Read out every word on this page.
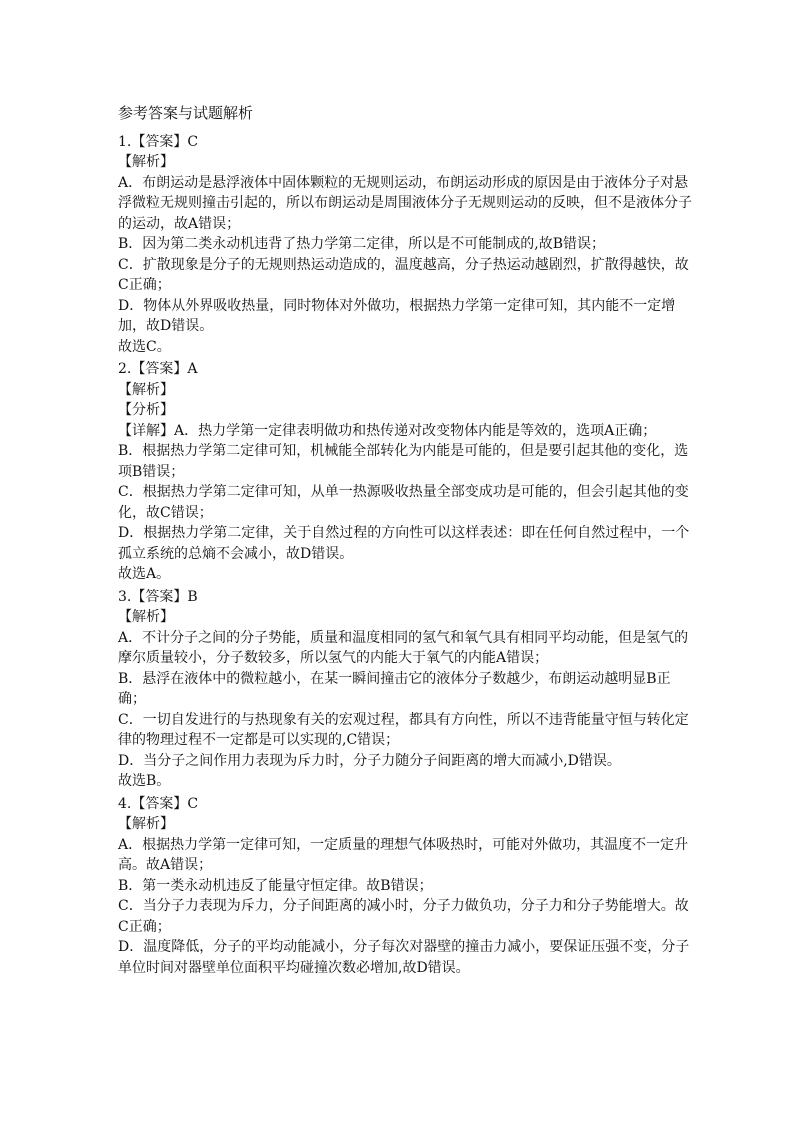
参考答案与试题解析
1.【答案】C
【解析】
A．布朗运动是悬浮液体中固体颗粒的无规则运动，布朗运动形成的原因是由于液体分子对悬浮微粒无规则撞击引起的，所以布朗运动是周围液体分子无规则运动的反映，但不是液体分子的运动，故A错误；
B．因为第二类永动机违背了热力学第二定律，所以是不可能制成的,故B错误；
C．扩散现象是分子的无规则热运动造成的，温度越高，分子热运动越剧烈，扩散得越快，故C正确；
D．物体从外界吸收热量，同时物体对外做功，根据热力学第一定律可知，其内能不一定增加，故D错误。
故选C。
2.【答案】A
【解析】
【分析】
【详解】A．热力学第一定律表明做功和热传递对改变物体内能是等效的，选项A正确；
B．根据热力学第二定律可知，机械能全部转化为内能是可能的，但是要引起其他的变化，选项B错误；
C．根据热力学第二定律可知，从单一热源吸收热量全部变成功是可能的，但会引起其他的变化，故C错误；
D．根据热力学第二定律，关于自然过程的方向性可以这样表述：即在任何自然过程中，一个孤立系统的总熵不会减小，故D错误。
故选A。
3.【答案】B
【解析】
A．不计分子之间的分子势能，质量和温度相同的氢气和氧气具有相同平均动能，但是氢气的摩尔质量较小，分子数较多，所以氢气的内能大于氧气的内能A错误；
B．悬浮在液体中的微粒越小，在某一瞬间撞击它的液体分子数越少，布朗运动越明显B正确；
C．一切自发进行的与热现象有关的宏观过程，都具有方向性，所以不违背能量守恒与转化定律的物理过程不一定都是可以实现的,C错误；
D．当分子之间作用力表现为斥力时，分子力随分子间距离的增大而减小,D错误。
故选B。
4.【答案】C
【解析】
A．根据热力学第一定律可知，一定质量的理想气体吸热时，可能对外做功，其温度不一定升高。故A错误；
B．第一类永动机违反了能量守恒定律。故B错误；
C．当分子力表现为斥力，分子间距离的减小时，分子力做负功，分子力和分子势能增大。故C正确；
D．温度降低，分子的平均动能减小，分子每次对器壁的撞击力减小，要保证压强不变，分子单位时间对器壁单位面积平均碰撞次数必增加,故D错误。
